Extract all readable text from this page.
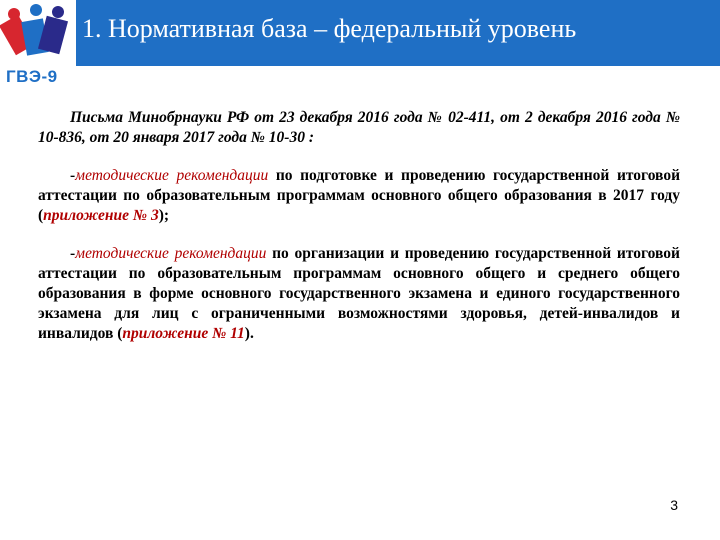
1. Нормативная база – федеральный уровень
ГВЭ-9

Письма Минобрнауки РФ от 23 декабря 2016 года № 02-411, от 2 декабря 2016 года № 10-836, от 20 января 2017 года № 10-30 :

-методические рекомендации по подготовке и проведению государственной итоговой аттестации по образовательным программам основного общего образования в 2017 году (приложение № 3);

-методические рекомендации по организации и проведению государственной итоговой аттестации по образовательным программам основного общего и среднего общего образования в форме основного государственного экзамена и единого государственного экзамена для лиц с ограниченными возможностями здоровья, детей-инвалидов и инвалидов (приложение № 11).

3
